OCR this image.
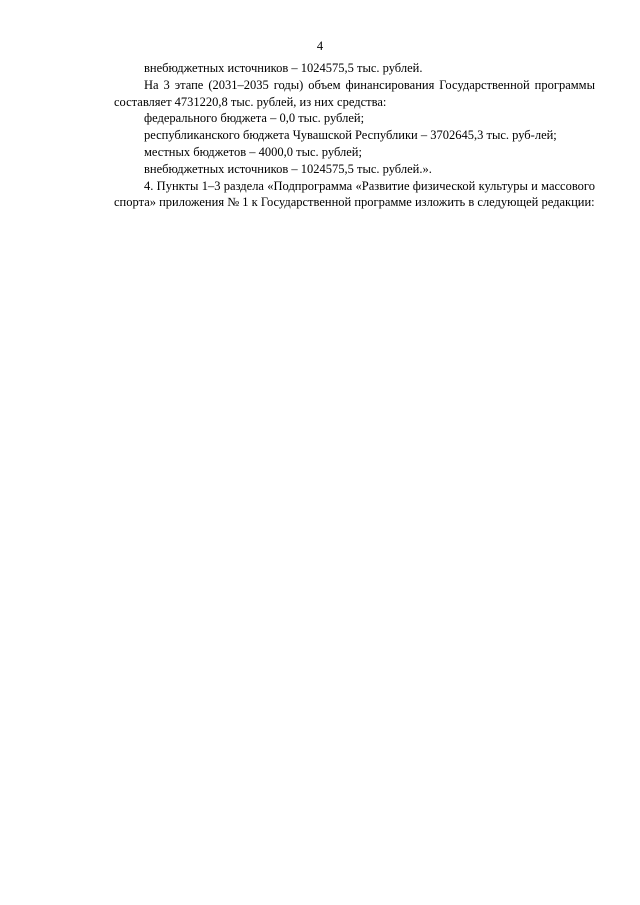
4

внебюджетных источников – 1024575,5 тыс. рублей.

На 3 этапе (2031–2035 годы) объем финансирования Государственной программы составляет 4731220,8 тыс. рублей, из них средства:

федерального бюджета – 0,0 тыс. рублей;

республиканского бюджета Чувашской Республики – 3702645,3 тыс. руб-лей;

местных бюджетов – 4000,0 тыс. рублей;

внебюджетных источников – 1024575,5 тыс. рублей.».

4. Пункты 1–3 раздела «Подпрограмма «Развитие физической культуры и массового спорта» приложения № 1 к Государственной программе изложить в следующей редакции:
